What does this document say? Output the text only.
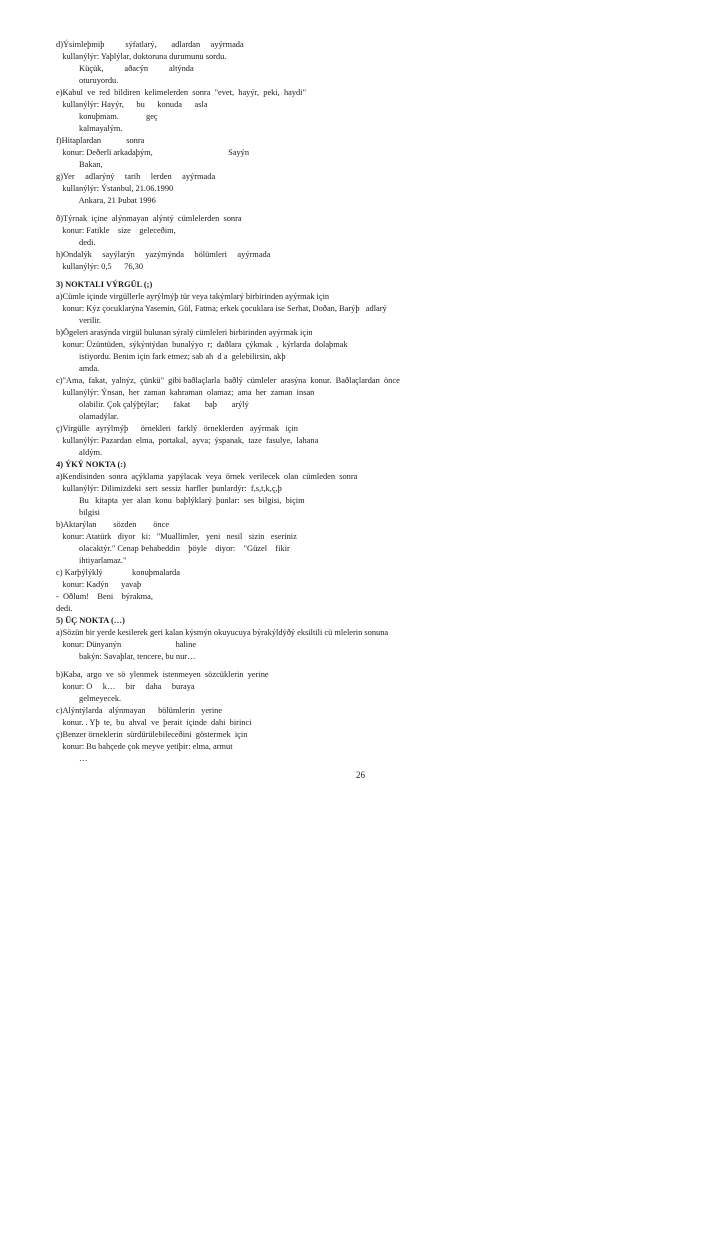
d)Ýsimleþmiþ          sýfatlarý,       adlardan     ayýrmada
kullanýlýr: Yaþlýlar, doktoruna durumunu sordu.
Küçük,          aðacýn          altýnda
oturuyordu.
e)Kabul  ve  red  bildiren  kelimelerden  sonra  "evet,  hayýr,  peki,  haydi"
kullanýlýr: Hayýr,      bu      konuda      asla
konuþmam.             geç
kalmayalým.
f)Hitaplardan            sonra
konur: Deðerli arkadaþým,                                    Sayýn
Bakan,
g)Yer     adlarýný     tarih     lerden     ayýrmada
kullanýlýr: Ýstanbul, 21.06.1990
Ankara, 21 Þubat 1996
ð)Týrnak  içine  alýnmayan  alýntý  cümlelerden  sonra
konur: Fatikle    size    geleceðim,
dedi.
h)Ondalýk     sayýlarýn     yazýmýnda     bölümleri     ayýrmada
kullanýlýr: 0,5      76,30
3) NOKTALI VÝRGÜL (;)
a)Cümle içinde virgüllerle ayrýlmýþ tür veya takýmlarý birbirinden ayýrmak için
konur: Kýz çocuklarýna Yasemin, Gül, Fatma; erkek çocuklara ise Serhat, Doðan, Barýþ   adlarý
verilir.
b)Ögeleri arasýnda virgül bulunan sýralý cümleleri birbirinden ayýrmak için
konur: Üzüntüden,  sýkýntýdan  bunalýyo  r;  daðlara  çýkmak  ,  kýrlarda  dolaþmak
istiyordu. Benim için fark etmez; sab ah  d a  gelebilirsin, akþ
amda.
c)"Ama,  fakat,  yalnýz,  çünkü"  gibi baðlaçlarla  baðlý  cümleler  arasýna  konur.  Baðlaçlardan  önce
kullanýlýr: Ýnsan,  her  zaman  kahraman  olamaz;  ama  her  zaman  insan
olabilir. Çok çalýþtýlar;       fakat       baþ       arýlý
olamadýlar.
ç)Virgülle   ayrýlmýþ      örnekleri   farklý   örneklerden   ayýrmak   için
kullanýlýr: Pazardan  elma,  portakal,  ayva;  ýspanak,  taze  fasulye,  lahana
aldým.
4) ÝKÝ NOKTA (:)
a)Kendisinden  sonra  açýklama  yapýlacak  veya  örnek  verilecek  olan  cümleden  sonra
kullanýlýr: Dilimizdeki  sert  sessiz  harfler  þunlardýr:  f,s,t,k,ç,þ
Bu   kitapta  yer  alan  konu  baþlýklarý  þunlar:  ses  bilgisi,  biçim
bilgisi
b)Aktarýlan        sözden        önce
konur: Atatürk   diyor   ki:   "Muallimler,   yeni   nesil   sizin   eseriniz
olacaktýr." Cenap Þehabeddin    þöyle    diyor:    "Güzel    fikir
ihtiyarlamaz."
c) Karþýlýklý              konuþmalarda
konur: Kadýn      yavaþ
-  Oðlum!    Beni    býrakma,
dedi.
5) ÜÇ NOKTA (…)
a)Sözün bir yerde kesilerek geri kalan kýsmýn okuyucuya býrakýldýðý eksiltili cü mlelerin sonuna
konur: Dünyanýn                          haline
bakýn: Savaþlar, tencere, bu nur…
b)Kaba,  argo  ve  sö  ylenmek  istenmeyen  sözcüklerin  yerine
konur: O     k…     bir     daha     buraya
gelmeyecek.
c)Alýntýlarda   alýnmayan      bölümlerin   yerine
konur. . Yþ  te,  bu  ahval  ve  þerait  içinde  dahi  birinci
ç)Benzer örneklerin  sürdürülebileceðini  göstermek  için
konur: Bu bahçede çok meyve yetiþir: elma, armut
…
26
